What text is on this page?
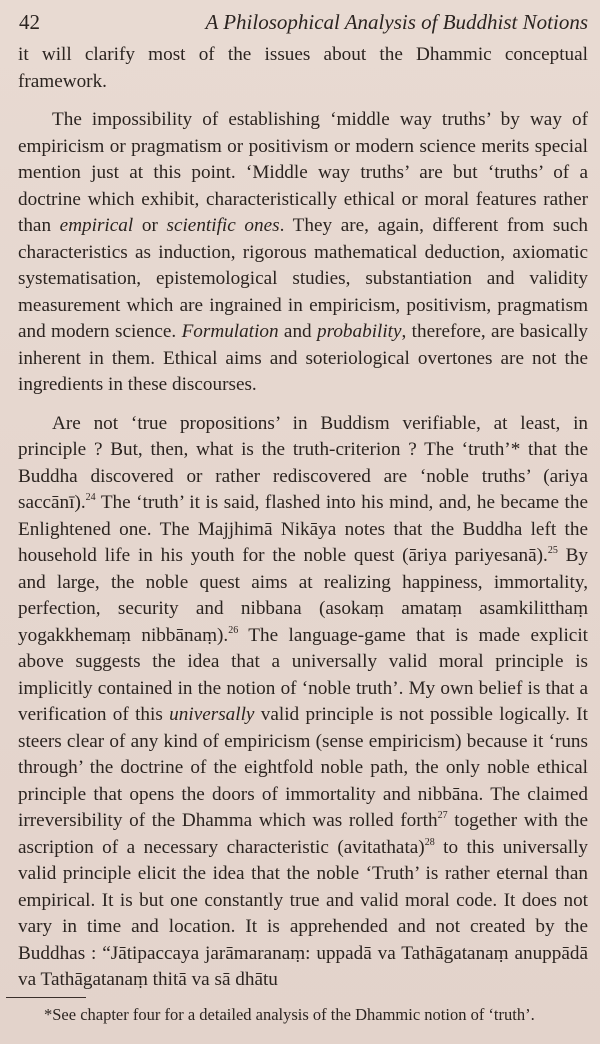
42	A Philosophical Analysis of Buddhist Notions

it will clarify most of the issues about the Dhammic conceptual framework.

The impossibility of establishing ‘middle way truths’ by way of empiricism or pragmatism or positivism or modern science merits special mention just at this point. ‘Middle way truths’ are but ‘truths’ of a doctrine which exhibit, characteristically ethical or moral features rather than empirical or scientific ones. They are, again, different from such characteristics as induction, rigorous mathematical deduction, axiomatic systematisation, epistemological studies, substantiation and validity measurement which are ingrained in empiricism, positivism, pragmatism and modern science. Formulation and probability, therefore, are basically inherent in them. Ethical aims and soteriological overtones are not the ingredients in these discourses.

Are not ‘true propositions’ in Buddism verifiable, at least, in principle ? But, then, what is the truth-criterion ? The ‘truth’* that the Buddha discovered or rather rediscovered are ‘noble truths’ (ariya saccānī).$^{24}$ The ‘truth’ it is said, flashed into his mind, and, he became the Enlightened one. The Majjhimā Nikāya notes that the Buddha left the household life in his youth for the noble quest (āriya pariyesanā).$^{25}$ By and large, the noble quest aims at realizing happiness, immortality, perfection, security and nibbana (asokaṃ amataṃ asamkilitthaṃ yogakkhemaṃ nibbānaṃ).$^{26}$ The language-game that is made explicit above suggests the idea that a universally valid moral principle is implicitly contained in the notion of ‘noble truth’. My own belief is that a verification of this universally valid principle is not possible logically. It steers clear of any kind of empiricism (sense empiricism) because it ‘runs through’ the doctrine of the eightfold noble path, the only noble ethical principle that opens the doors of immortality and nibbāna. The claimed irreversibility of the Dhamma which was rolled forth$^{27}$ together with the ascription of a necessary characteristic (avitathata)$^{28}$ to this universally valid principle elicit the idea that the noble ‘Truth’ is rather eternal than empirical. It is but one constantly true and valid moral code. It does not vary in time and location. It is apprehended and not created by the Buddhas : “Jātipaccaya jarāmaranaṃ: uppadā va Tathāgatanaṃ anuppādā va Tathāgatanaṃ thitā va sā dhātu

*See chapter four for a detailed analysis of the Dhammic notion of ‘truth’.
